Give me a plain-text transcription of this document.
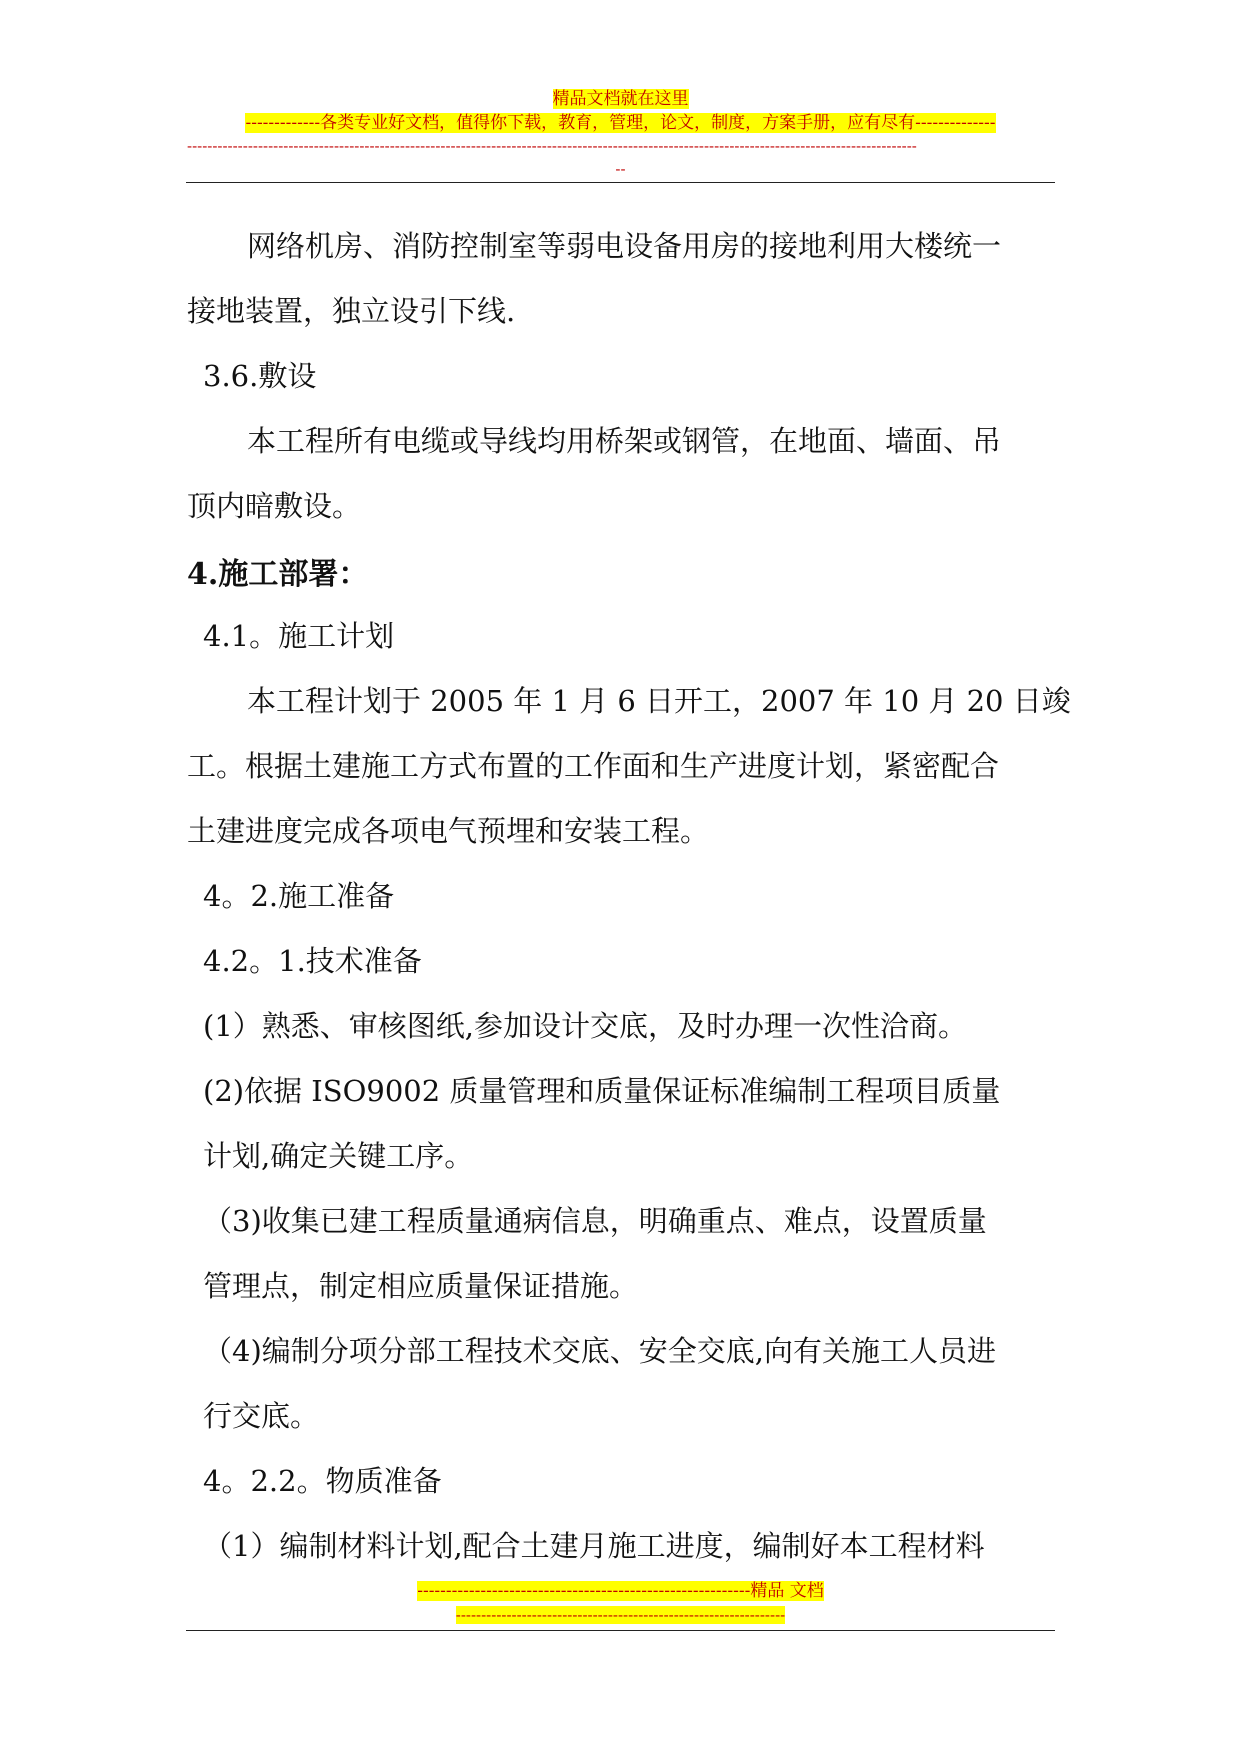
精品文档就在这里
-------------各类专业好文档，值得你下载，教育，管理，论文，制度，方案手册，应有尽有--------------
------------------------------------------------------------------------------------------------------------------------------------------------
--

网络机房、消防控制室等弱电设备用房的接地利用大楼统一

接地装置，独立设引下线.

3.6.敷设

本工程所有电缆或导线均用桥架或钢管，在地面、墙面、吊

顶内暗敷设。

4.施工部署：

4.1。施工计划

本工程计划于 2005 年 1 月 6 日开工，2007 年 10 月 20 日竣

工。根据土建施工方式布置的工作面和生产进度计划，紧密配合

土建进度完成各项电气预埋和安装工程。

4。2.施工准备

4.2。1.技术准备

(1）熟悉、审核图纸,参加设计交底，及时办理一次性洽商。

(2)依据 ISO9002 质量管理和质量保证标准编制工程项目质量

计划,确定关键工序。

（3)收集已建工程质量通病信息，明确重点、难点，设置质量

管理点，制定相应质量保证措施。

（4)编制分项分部工程技术交底、安全交底,向有关施工人员进

行交底。

4。2.2。物质准备

（1）编制材料计划,配合土建月施工进度，编制好本工程材料

----------------------------------------------------------精品 文档
-----------------------------------------------------------------
